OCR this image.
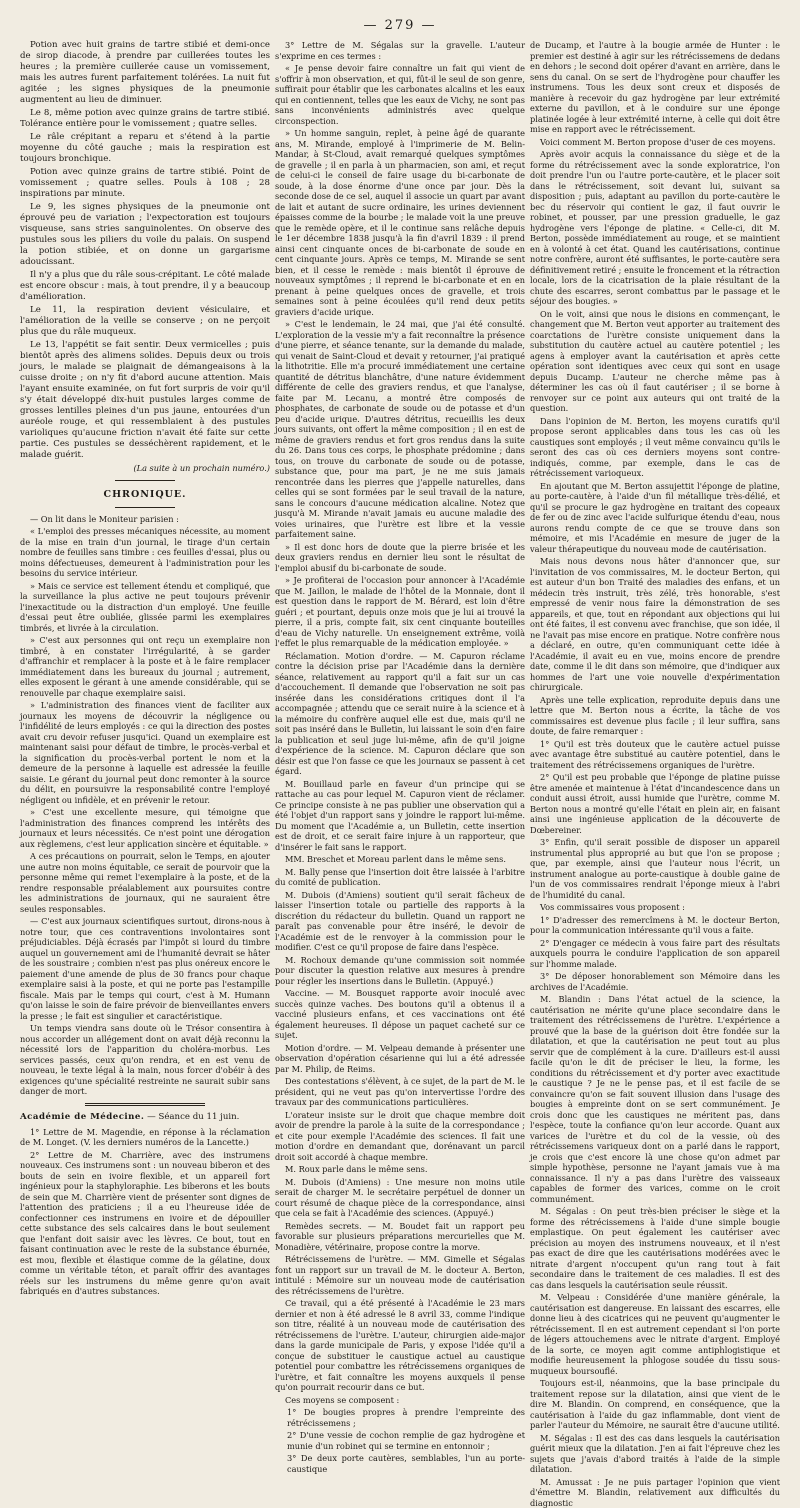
— 279 —

Potion avec huit grains de tartre stibié et demi-once de sirop diacode, à prendre par cuillerées toutes les heures ; la première cuillerée cause un vomissement, mais les autres furent parfaitement tolérées. La nuit fut agitée ; les signes physiques de la pneumonie augmentent au lieu de diminuer.

Le 8, même potion avec quinze grains de tartre stibié. Tolérance entière pour le vomissement ; quatre selles.

Le râle crépitant a reparu et s'étend à la partie moyenne du côté gauche ; mais la respiration est toujours bronchique.

Potion avec quinze grains de tartre stibié. Point de vomissement ; quatre selles. Pouls à 108 ; 28 inspirations par minute.

Le 9, les signes physiques de la pneumonie ont éprouvé peu de variation ; l'expectoration est toujours visqueuse, sans stries sanguinolentes. On observe des pustules sous les piliers du voile du palais. On suspend la potion stibiée, et on donne un gargarisme adoucissant.

Il n'y a plus que du râle sous-crépitant. Le côté malade est encore obscur : mais, à tout prendre, il y a beaucoup d'amélioration.

Le 11, la respiration devient vésiculaire, et l'amélioration de la veille se conserve ; on ne perçoit plus que du râle muqueux.

Le 13, l'appétit se fait sentir. Deux vermicelles ; puis bientôt après des alimens solides. Depuis deux ou trois jours, le malade se plaignait de démangeaisons à la cuisse droite ; on n'y fit d'abord aucune attention. Mais l'ayant ensuite examinée, on fut fort surpris de voir qu'il s'y était développé dix-huit pustules larges comme de grosses lentilles pleines d'un pus jaune, entourées d'un auréole rouge, et qui ressemblaient à des pustules varioliques qu'aucune friction n'avait été faite sur cette partie. Ces pustules se desséchèrent rapidement, et le malade guérit.

(La suite à un prochain numéro.)
CHRONIQUE.

— On lit dans le Moniteur parisien :

« L'emploi des presses mécaniques nécessite, au moment de la mise en train d'un journal, le tirage d'un certain nombre de feuilles sans timbre : ces feuilles d'essai, plus ou moins défectueuses, demeurent à l'administration pour les besoins du service intérieur.

» Mais ce service est tellement étendu et compliqué, que la surveillance la plus active ne peut toujours prévenir l'inexactitude ou la distraction d'un employé. Une feuille d'essai peut être oubliée, glissée parmi les exemplaires timbrés, et livrée à la circulation.

» C'est aux personnes qui ont reçu un exemplaire non timbré, à en constater l'irrégularité, à se garder d'affranchir et remplacer à la poste et à le faire remplacer immédiatement dans les bureaux du journal ; autrement, elles exposent le gérant à une amende considérable, qui se renouvelle par chaque exemplaire saisi.

» L'administration des finances vient de faciliter aux journaux les moyens de découvrir la négligence ou l'infidélité de leurs employés : ce qui la direction des postes avait cru devoir refuser jusqu'ici. Quand un exemplaire est maintenant saisi pour défaut de timbre, le procès-verbal et la signification du procès-verbal portent le nom et la demeure de la personne à laquelle est adressée la feuille saisie. Le gérant du journal peut donc remonter à la source du délit, en poursuivre la responsabilité contre l'employé négligent ou infidèle, et en prévenir le retour.

» C'est une excellente mesure, qui témoigne que l'administration des finances comprend les intérêts des journaux et leurs nécessités. Ce n'est point une dérogation aux règlemens, c'est leur application sincère et équitable. »

A ces précautions on pourrait, selon le Temps, en ajouter une autre non moins équitable, ce serait de pourvoir que la personne même qui remet l'exemplaire à la poste, et de la rendre responsable préalablement aux poursuites contre les administrations de journaux, qui ne sauraient être seules responsables.

— C'est aux journaux scientifiques surtout, dirons-nous à notre tour, que ces contraventions involontaires sont préjudiciables. Déjà écrasés par l'impôt si lourd du timbre auquel un gouvernement ami de l'humanité devrait se hâter de les soustraire ; combien n'est pas plus onéreux encore le paiement d'une amende de plus de 30 francs pour chaque exemplaire saisi à la poste, et qui ne porte pas l'estampille fiscale. Mais par le temps qui court, c'est à M. Humann qu'on laisse le soin de faire prévoir de bienveillantes envers la presse ; le fait est singulier et caractéristique.

Un temps viendra sans doute où le Trésor consentira à nous accorder un allégement dont on avait déjà reconnu la nécessité lors de l'apparition du choléra-morbus. Les services passés, ceux qu'on rendra, et en est venu de nouveau, le texte légal à la main, nous forcer d'obéir à des exigences qu'une spécialité restreinte ne saurait subir sans danger de mort.

Académie de Médecine. — Séance du 11 juin.

1° Lettre de M. Magendie, en réponse à la réclamation de M. Longet. (V. les derniers numéros de la Lancette.)

2° Lettre de M. Charrière, avec des instrumens nouveaux. Ces instrumens sont : un nouveau biberon et des bouts de sein en ivoire flexible, et un appareil fort ingénieux pour la staphyloraphie. Les biberons et les bouts de sein que M. Charrière vient de présenter sont dignes de l'attention des praticiens ; il a eu l'heureuse idée de confectionner ces instrumens en ivoire et de dépouiller cette substance des sels calcaires dans le bout seulement que l'enfant doit saisir avec les lèvres. Ce bout, tout en faisant continuation avec le reste de la substance éburnée, est mou, flexible et élastique comme de la gélatine, doux comme un véritable téton, et paraît offrir des avantages réels sur les instrumens du même genre qu'on avait fabriqués en d'autres substances.

3° Lettre de M. Ségalas sur la gravelle. L'auteur s'exprime en ces termes :

« Je pense devoir faire connaître un fait qui vient de s'offrir à mon observation, et qui, fût-il le seul de son genre, suffirait pour établir que les carbonates alcalins et les eaux qui en contiennent, telles que les eaux de Vichy, ne sont pas sans inconvénients administrés avec quelque circonspection.

» Un homme sanguin, replet, à peine âgé de quarante ans, M. Mirande, employé à l'imprimerie de M. Belin-Mandar, à St-Cloud, avait remarqué quelques symptômes de gravelle ; il en parla à un pharmacien, son ami, et reçut de celui-ci le conseil de faire usage du bi-carbonate de soude, à la dose énorme d'une once par jour. Dès la seconde dose de ce sel, auquel il associe un quart par avant de lait et autant de sucre ordinaire, les urines deviennent épaisses comme de la bourbe ; le malade voit la une preuve que le remède opère, et il le continue sans relâche depuis le 1er décembre 1838 jusqu'à la fin d'avril 1839 : il prend ainsi cent cinquante onces de bi-carbonate de soude en cent cinquante jours. Après ce temps, M. Mirande se sent bien, et il cesse le remède : mais bientôt il éprouve de nouveaux symptômes ; il reprend le bi-carbonate et en en prenant à peine quelques onces de gravelle, et trois semaines sont à peine écoulées qu'il rend deux petits graviers d'acide urique.

» C'est le lendemain, le 24 mai, que j'ai été consulté. L'exploration de la vessie m'y a fait reconnaître la présence d'une pierre, et séance tenante, sur la demande du malade, qui venait de Saint-Cloud et devait y retourner, j'ai pratiqué la lithotritie. Elle m'a procuré immédiatement une certaine quantité de détritus blanchâtre, d'une nature évidemment différente de celle des graviers rendus, et que l'analyse, faite par M. Lecanu, a montré être composés de phosphates, de carbonate de soude ou de potasse et d'un peu d'acide urique. D'autres détritus, recueillis les deux jours suivants, ont offert la même composition ; il en est de même de graviers rendus et fort gros rendus dans la suite du 26. Dans tous ces corps, le phosphate prédomine ; dans tous, on trouve du carbonate de soude ou de potasse, substance que, pour ma part, je ne me suis jamais rencontrée dans les pierres que j'appelle naturelles, dans celles qui se sont formées par le seul travail de la nature, sans le concours d'aucune médication alcaline. Notez que jusqu'à M. Mirande n'avait jamais eu aucune maladie des voies urinaires, que l'urètre est libre et la vessie parfaitement saine.

» Il est donc hors de doute que la pierre brisée et les deux graviers rendus en dernier lieu sont le résultat de l'emploi abusif du bi-carbonate de soude.

» Je profiterai de l'occasion pour annoncer à l'Académie que M. Jaillon, le malade de l'hôtel de la Monnaie, dont il est question dans le rapport de M. Bérard, est loin d'être guéri ; et pourtant, depuis onze mois que je lui ai trouvé la pierre, il a pris, compte fait, six cent cinquante bouteilles d'eau de Vichy naturelle. Un enseignement extrême, voilà l'effet le plus remarquable de la médication employée. »

Réclamation. Motion d'ordre. — M. Capuron réclame contre la décision prise par l'Académie dans la dernière séance, relativement au rapport qu'il a fait sur un cas d'accouchement. Il demande que l'observation ne soit pas insérée dans les considérations critiques dont il l'a accompagnée ; attendu que ce serait nuire à la science et à la mémoire du confrère auquel elle est due, mais qu'il ne soit pas inséré dans le Bulletin, lui laissant le soin d'en faire la publication et seul juge lui-même, afin de qu'il joigne d'expérience de la science. M. Capuron déclare que son désir est que l'on fasse ce que les journaux se passent à cet égard.

M. Bouillaud parle en faveur d'un principe qui se rattache au cas pour lequel M. Capuron vient de réclamer. Ce principe consiste à ne pas publier une observation qui a été l'objet d'un rapport sans y joindre le rapport lui-même. Du moment que l'Académie a, un Bulletin, cette insertion est de droit, et ce serait faire injure à un rapporteur, que d'insérer le fait sans le rapport.

MM. Breschet et Moreau parlent dans le même sens.

M. Bally pense que l'insertion doit être laissée à l'arbitre du comité de publication.

M. Dubois (d'Amiens) soutient qu'il serait fâcheux de laisser l'insertion totale ou partielle des rapports à la discrétion du rédacteur du bulletin. Quand un rapport ne paraît pas convenable pour être inséré, le devoir de l'Académie est de le renvoyer à la commission pour le modifier. C'est ce qu'il propose de faire dans l'espèce.

M. Rochoux demande qu'une commission soit nommée pour discuter la question relative aux mesures à prendre pour régler les insertions dans le Bulletin. (Appuyé.)

Vaccine. — M. Bousquet rapporte avoir inoculé avec succès quinze vaches. Des boutons qu'il a obtenus il a vacciné plusieurs enfans, et ces vaccinations ont été également heureuses. Il dépose un paquet cacheté sur ce sujet.

Motion d'ordre. — M. Velpeau demande à présenter une observation d'opération césarienne qui lui a été adressée par M. Philip, de Reims.

Des contestations s'élèvent, à ce sujet, de la part de M. le président, qui ne veut pas qu'on intervertisse l'ordre des travaux par des communications particulières.

L'orateur insiste sur le droit que chaque membre doit avoir de prendre la parole à la suite de la correspondance ; et cite pour exemple l'Académie des sciences. Il fait une motion d'ordre en demandant que, dorénavant un parcil droit soit accordé à chaque membre.

M. Roux parle dans le même sens.

M. Dubois (d'Amiens) : Une mesure non moins utile serait de charger M. le secrétaire perpétuel de donner un court résumé de chaque pièce de la correspondance, ainsi que cela se fait à l'Académie des sciences. (Appuyé.)

Remèdes secrets. — M. Boudet fait un rapport peu favorable sur plusieurs préparations mercurielles que M. Monadière, vétérinaire, propose contre la morve.

Rétrécissemens de l'urètre. — MM. Gimelle et Ségalas font un rapport sur un travail de M. le docteur A. Berton, intitulé : Mémoire sur un nouveau mode de cautérisation des rétrécissemens de l'urètre.

Ce travail, qui a été présenté à l'Académie le 23 mars dernier et non à été adressé le 8 avril 33, comme l'indique son titre, réalité à un nouveau mode de cautérisation des rétrécissemens de l'urètre. L'auteur, chirurgien aide-major dans la garde municipale de Paris, y expose l'idée qu'il a conçue de substituer le caustique actuel au caustique potentiel pour combattre les rétrécissemens organiques de l'urètre, et fait connaître les moyens auxquels il pense qu'on pourrait recourir dans ce but.

Ces moyens se composent :

1° De bougies propres à prendre l'empreinte des rétrécissemens ;

2° D'une vessie de cochon remplie de gaz hydrogène et munie d'un robinet qui se termine en entonnoir ;

3° De deux porte cautères, semblables, l'un au porte-caustique

de Ducamp, et l'autre à la bougie armée de Hunter : le premier est destiné à agir sur les rétrécissemens de dedans en dehors ; le second doit opérer d'avant en arrière, dans le sens du canal. On se sert de l'hydrogène pour chauffer les instrumens. Tous les deux sont creux et disposés de manière à recevoir du gaz hydrogène par leur extrémité externe du pavillon, et à le conduire sur une éponge platinée logée à leur extrémité interne, à celle qui doit être mise en rapport avec le rétrécissement.

Voici comment M. Berton propose d'user de ces moyens.

Après avoir acquis la connaissance du siège et de la forme du rétrécissement avec la sonde exploratrice, l'on doit prendre l'un ou l'autre porte-cautère, et le placer soit dans le rétrécissement, soit devant lui, suivant sa disposition ; puis, adaptant au pavillon du porte-cautère le bec du réservoir qui contient le gaz, il faut ouvrir le robinet, et pousser, par une pression graduelle, le gaz hydrogène vers l'éponge de platine. « Celle-ci, dit M. Berton, possède immédiatement au rouge, et se maintient en à volonté à cet état. Quand les cautérisations, continue notre confrère, auront été suffisantes, le porte-cautère sera définitivement retiré ; ensuite le froncement et la rétraction locale, lors de la cicatrisation de la plaie résultant de la chute des escarres, seront combattus par le passage et le séjour des bougies. »

On le voit, ainsi que nous le disions en commençant, le changement que M. Berton veut apporter au traitement des coarctations de l'urètre consiste uniquement dans la substitution du cautère actuel au cautère potentiel ; les agens à employer avant la cautérisation et après cette opération sont identiques avec ceux qui sont en usage depuis Ducamp. L'auteur ne cherche même pas à déterminer les cas où il faut cautériser ; il se borne à renvoyer sur ce point aux auteurs qui ont traité de la question.

Dans l'opinion de M. Berton, les moyens curatifs qu'il propose seront applicables dans tous les cas où les caustiques sont employés ; il veut même convaincu qu'ils le seront des cas où ces derniers moyens sont contre-indiqués, comme, par exemple, dans le cas de rétrécissement varioqueux.

En ajoutant que M. Berton assujettit l'éponge de platine, au porte-cautère, à l'aide d'un fil métallique très-délié, et qu'il se procure le gaz hydrogène en traitant des copeaux de fer ou de zinc avec l'acide sulfurique étendu d'eau, nous aurons rendu compte de ce que se trouve dans son mémoire, et mis l'Académie en mesure de juger de la valeur thérapeutique du nouveau mode de cautérisation.

Mais nous devons nous hâter d'annoncer que, sur l'invitation de vos commissaires, M. le docteur Berton, qui est auteur d'un bon Traité des maladies des enfans, et un médecin très instruit, très zélé, très honorable, s'est empressé de venir nous faire la démonstration de ses appareils, et que, tout en répondant aux objections qui lui ont été faites, il est convenu avec franchise, que son idée, il ne l'avait pas mise encore en pratique. Notre confrère nous a déclaré, en outre, qu'en communiquant cette idée à l'Académie, il avait eu en vue, moins encore de prendre date, comme il le dit dans son mémoire, que d'indiquer aux hommes de l'art une voie nouvelle d'expérimentation chirurgicale.

Après une telle explication, reproduite depuis dans une lettre que M. Berton nous a écrite, la tâche de vos commissaires est devenue plus facile ; il leur suffira, sans doute, de faire remarquer :

1° Qu'il est très douteux que le cautère actuel puisse avec avantage être substitué au cautère potentiel, dans le traitement des rétrécissemens organiques de l'urètre.

2° Qu'il est peu probable que l'éponge de platine puisse être amenée et maintenue à l'état d'incandescence dans un conduit aussi étroit, aussi humide que l'urètre, comme M. Berton nous a montré qu'elle l'était en plein air, en faisant ainsi une ingénieuse application de la découverte de Dœbereiner.

3° Enfin, qu'il serait possible de disposer un appareil instrumental plus approprié au but que l'on se propose ; que, par exemple, ainsi que l'auteur nous l'écrit, un instrument analogue au porte-caustique à double gaine de l'un de vos commissaires rendrait l'éponge mieux à l'abri de l'humidité du canal.

Vos commissaires vous proposent :

1° D'adresser des remercîmens à M. le docteur Berton, pour la communication intéressante qu'il vous a faite.

2° D'engager ce médecin à vous faire part des résultats auxquels pourra le conduire l'application de son appareil sur l'homme malade.

3° De déposer honorablement son Mémoire dans les archives de l'Académie.

M. Blandin : Dans l'état actuel de la science, la cautérisation ne mérite qu'une place secondaire dans le traitement des rétrécissemens de l'urètre. L'expérience a prouvé que la base de la guérison doit être fondée sur la dilatation, et que la cautérisation ne peut tout au plus servir que de complément à la cure. D'ailleurs est-il aussi facile qu'on le dit de préciser le lieu, la forme, les conditions du rétrécissement et d'y porter avec exactitude le caustique ? Je ne le pense pas, et il est facile de se convaincre qu'on se fait souvent illusion dans l'usage des bougies à empreinte dont on se sert communément. Je crois donc que les caustiques ne méritent pas, dans l'espèce, toute la confiance qu'on leur accorde. Quant aux varices de l'urètre et du col de la vessie, où des rétrécissemens variqueux dont on a parlé dans le rapport, je crois que c'est encore là une chose qu'on admet par simple hypothèse, personne ne l'ayant jamais vue à ma connaissance. Il n'y a pas dans l'urètre des vaisseaux capables de former des varices, comme on le croit communément.

M. Ségalas : On peut très-bien préciser le siège et la forme des rétrécissemens à l'aide d'une simple bougie emplastique. On peut également les cautériser avec précision au moyen des instrumens nouveaux, et il n'est pas exact de dire que les cautérisations modérées avec le nitrate d'argent n'occupent qu'un rang tout à fait secondaire dans le traitement de ces maladies. Il est des cas dans lesquels la cautérisation seule réussit.

M. Velpeau : Considérée d'une manière générale, la cautérisation est dangereuse. En laissant des escarres, elle donne lieu à des cicatrices qui ne peuvent qu'augmenter le rétrécissement. Il en est autrement cependant si l'on porte de légers attouchemens avec le nitrate d'argent. Employé de la sorte, ce moyen agit comme antiphlogistique et modifie heureusement la phlogose soudée du tissu sous-muqueux boursouflé.

Toujours est-il, néanmoins, que la base principale du traitement repose sur la dilatation, ainsi que vient de le dire M. Blandin. On comprend, en conséquence, que la cautérisation à l'aide du gaz inflammable, dont vient de parler l'auteur du Mémoire, ne saurait être d'aucune utilité.

M. Ségalas : Il est des cas dans lesquels la cautérisation guérit mieux que la dilatation. J'en ai fait l'épreuve chez les sujets que j'avais d'abord traités à l'aide de la simple dilatation.

M. Amussat : Je ne puis partager l'opinion que vient d'émettre M. Blandin, relativement aux difficultés du diagnostic
